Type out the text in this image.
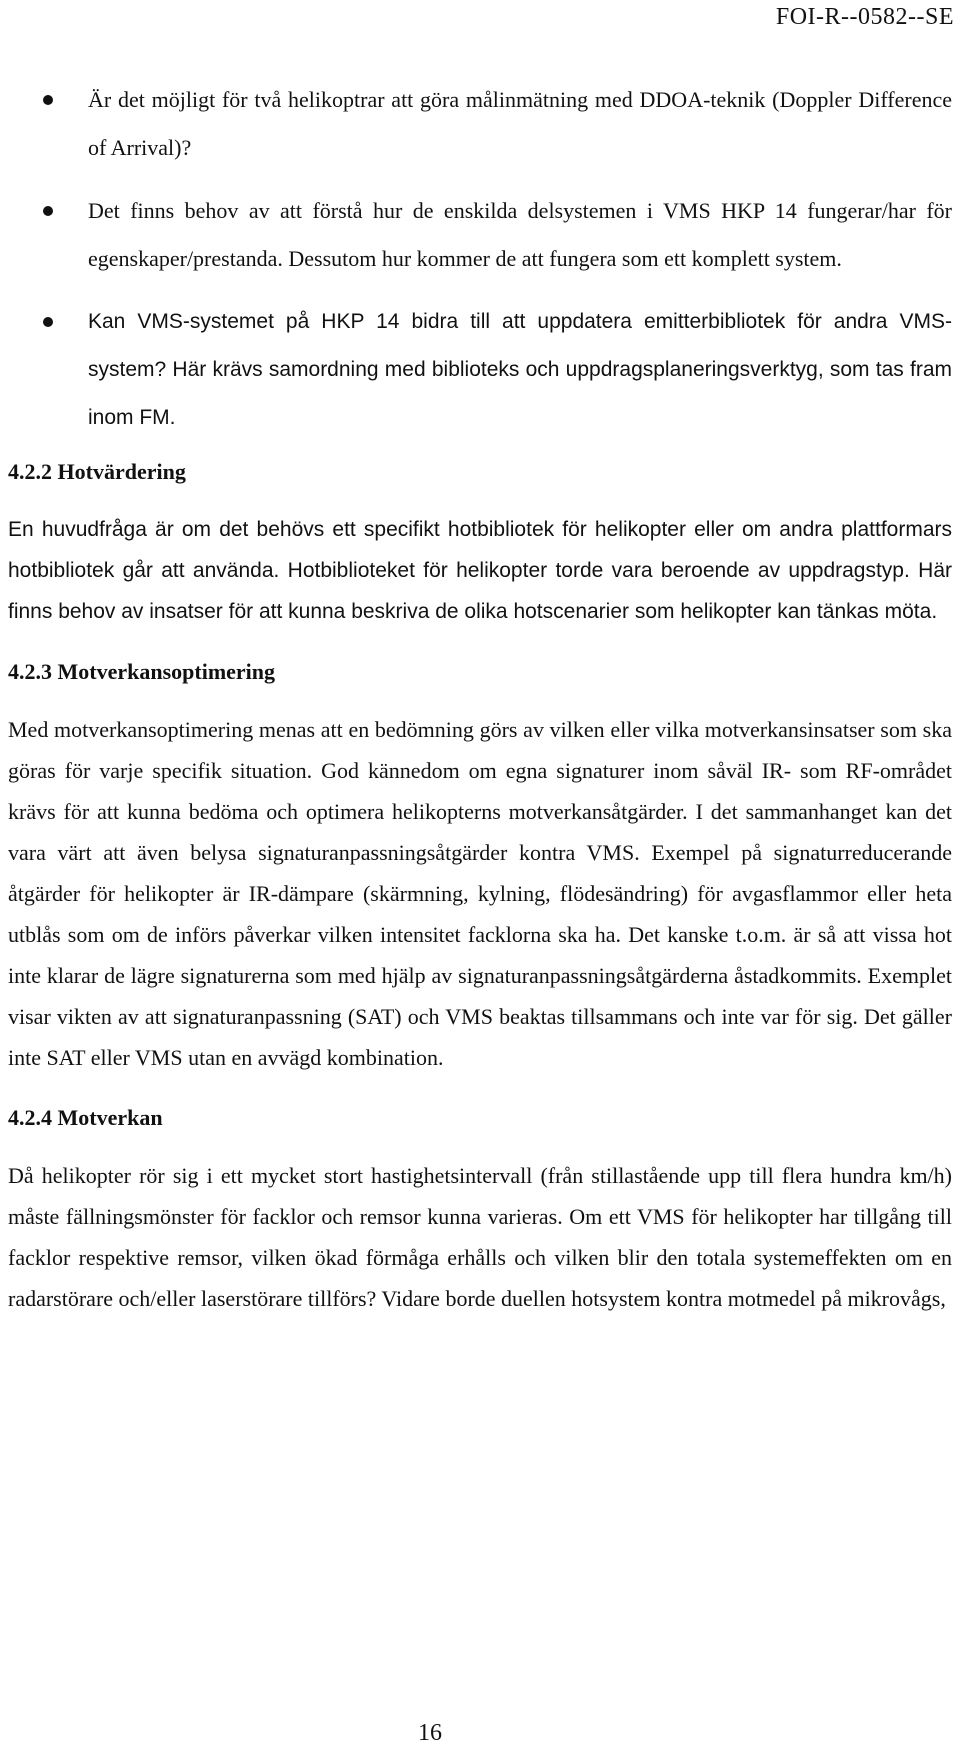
FOI-R--0582--SE
Är det möjligt för två helikoptrar att göra målinmätning med DDOA-teknik (Doppler Difference of Arrival)?
Det finns behov av att förstå hur de enskilda delsystemen i VMS HKP 14 fungerar/har för egenskaper/prestanda. Dessutom hur kommer de att fungera som ett komplett system.
Kan VMS-systemet på HKP 14 bidra till att uppdatera emitterbibliotek för andra VMS-system? Här krävs samordning med biblioteks och uppdragsplaneringsverktyg, som tas fram inom FM.
4.2.2 Hotvärdering

En huvudfråga är om det behövs ett specifikt hotbibliotek för helikopter eller om andra plattformars hotbibliotek går att använda. Hotbiblioteket för helikopter torde vara beroende av uppdragstyp. Här finns behov av insatser för att kunna beskriva de olika hotscenarier som helikopter kan tänkas möta.

4.2.3 Motverkansoptimering

Med motverkansoptimering menas att en bedömning görs av vilken eller vilka motverkansinsatser som ska göras för varje specifik situation. God kännedom om egna signaturer inom såväl IR- som RF-området krävs för att kunna bedöma och optimera helikopterns motverkansåtgärder. I det sammanhanget kan det vara värt att även belysa signaturanpassningsåtgärder kontra VMS. Exempel på signaturreducerande åtgärder för helikopter är IR-dämpare (skärmning, kylning, flödesändring) för avgasflammor eller heta utblås som om de införs påverkar vilken intensitet facklorna ska ha. Det kanske t.o.m. är så att vissa hot inte klarar de lägre signaturerna som med hjälp av signaturanpassningsåtgärderna åstadkommits. Exemplet visar vikten av att signaturanpassning (SAT) och VMS beaktas tillsammans och inte var för sig. Det gäller inte SAT eller VMS utan en avvägd kombination.

4.2.4 Motverkan

Då helikopter rör sig i ett mycket stort hastighetsintervall (från stillastående upp till flera hundra km/h) måste fällningsmönster för facklor och remsor kunna varieras. Om ett VMS för helikopter har tillgång till facklor respektive remsor, vilken ökad förmåga erhålls och vilken blir den totala systemeffekten om en radarstörare och/eller laserstörare tillförs? Vidare borde duellen hotsystem kontra motmedel på mikrovågs,

16
